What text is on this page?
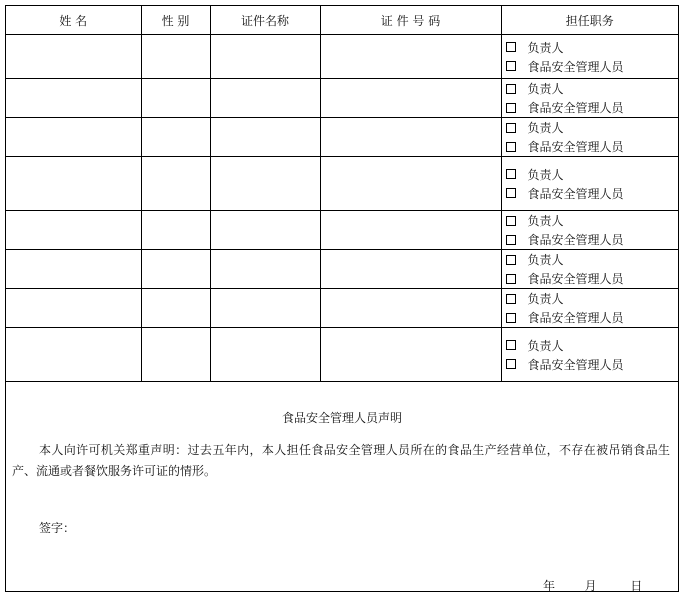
姓 名	性 别	证件名称	证 件 号 码	担任职务

				负责人
食品安全管理人员

				负责人
食品安全管理人员

				负责人
食品安全管理人员

				负责人
食品安全管理人员

				负责人
食品安全管理人员

				负责人
食品安全管理人员

				负责人
食品安全管理人员

				负责人
食品安全管理人员
食品安全管理人员声明
本人向许可机关郑重声明：过去五年内，本人担任食品安全管理人员所在的食品生产经营单位，不存在被吊销食品生产、流通或者餐饮服务许可证的情形。
签字：
年 月	日
